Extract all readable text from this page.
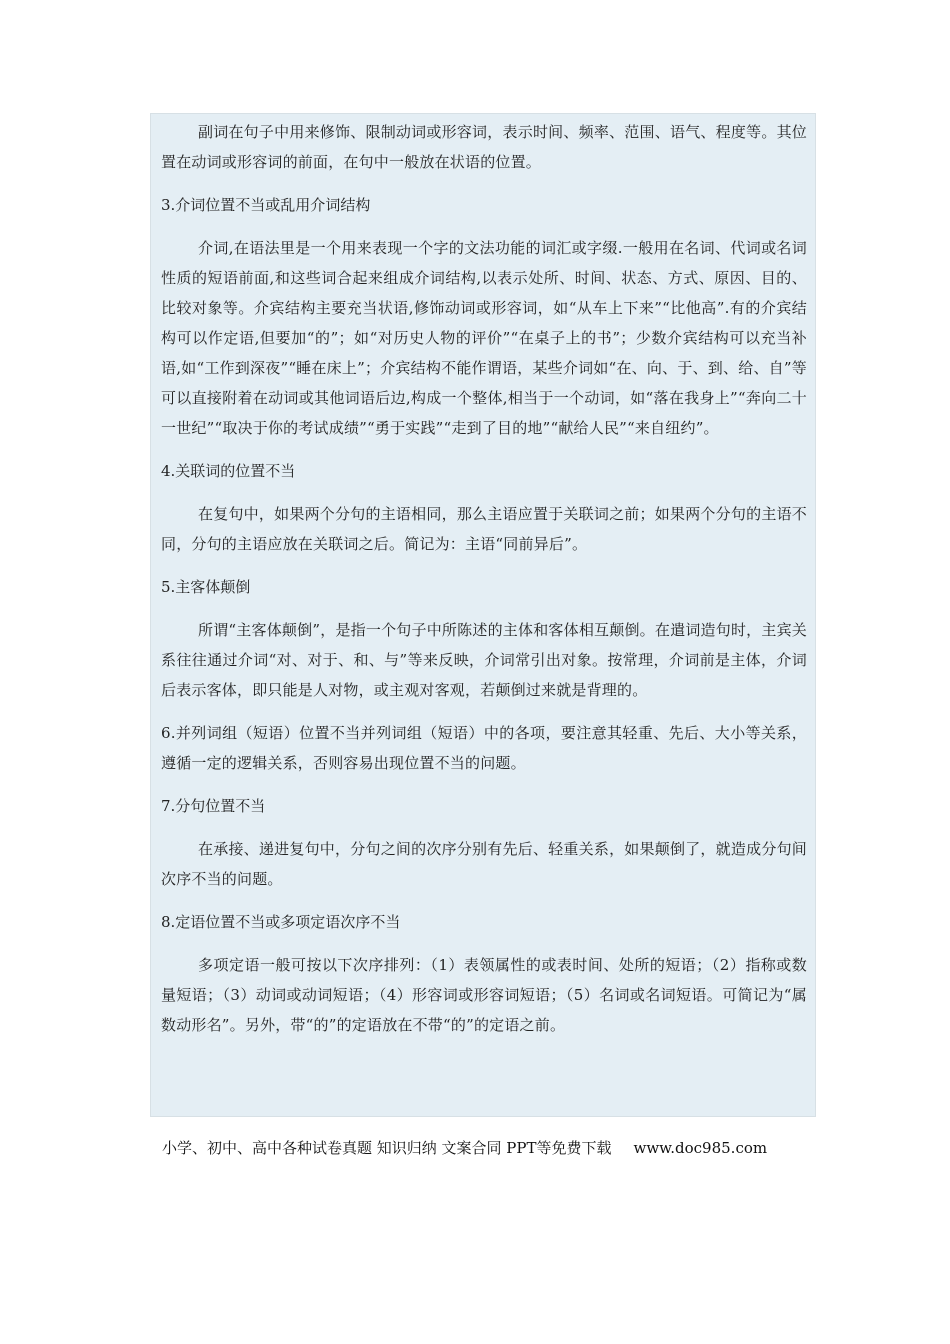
副词在句子中用来修饰、限制动词或形容词，表示时间、频率、范围、语气、程度等。其位置在动词或形容词的前面，在句中一般放在状语的位置。

3.介词位置不当或乱用介词结构

介词,在语法里是一个用来表现一个字的文法功能的词汇或字缀.一般用在名词、代词或名词性质的短语前面,和这些词合起来组成介词结构,以表示处所、时间、状态、方式、原因、目的、比较对象等。介宾结构主要充当状语,修饰动词或形容词，如“从车上下来”“比他高”.有的介宾结构可以作定语,但要加“的”；如“对历史人物的评价”“在桌子上的书”；少数介宾结构可以充当补语,如“工作到深夜”“睡在床上”；介宾结构不能作谓语，某些介词如“在、向、于、到、给、自”等可以直接附着在动词或其他词语后边,构成一个整体,相当于一个动词，如“落在我身上”“奔向二十一世纪”“取决于你的考试成绩”“勇于实践”“走到了目的地”“献给人民”“来自纽约”。

4.关联词的位置不当

在复句中，如果两个分句的主语相同，那么主语应置于关联词之前；如果两个分句的主语不同，分句的主语应放在关联词之后。简记为：主语“同前异后”。

5.主客体颠倒

所谓“主客体颠倒”，是指一个句子中所陈述的主体和客体相互颠倒。在遣词造句时，主宾关系往往通过介词“对、对于、和、与”等来反映，介词常引出对象。按常理，介词前是主体，介词后表示客体，即只能是人对物，或主观对客观，若颠倒过来就是背理的。

6.并列词组（短语）位置不当并列词组（短语）中的各项，要注意其轻重、先后、大小等关系，遵循一定的逻辑关系，否则容易出现位置不当的问题。

7.分句位置不当

在承接、递进复句中，分句之间的次序分别有先后、轻重关系，如果颠倒了，就造成分句间次序不当的问题。

8.定语位置不当或多项定语次序不当

多项定语一般可按以下次序排列：（1）表领属性的或表时间、处所的短语；（2）指称或数量短语；（3）动词或动词短语；（4）形容词或形容词短语；（5）名词或名词短语。可简记为“属数动形名”。另外，带“的”的定语放在不带“的”的定语之前。

小学、初中、高中各种试卷真题 知识归纳 文案合同 PPT等免费下载 www.doc985.com
